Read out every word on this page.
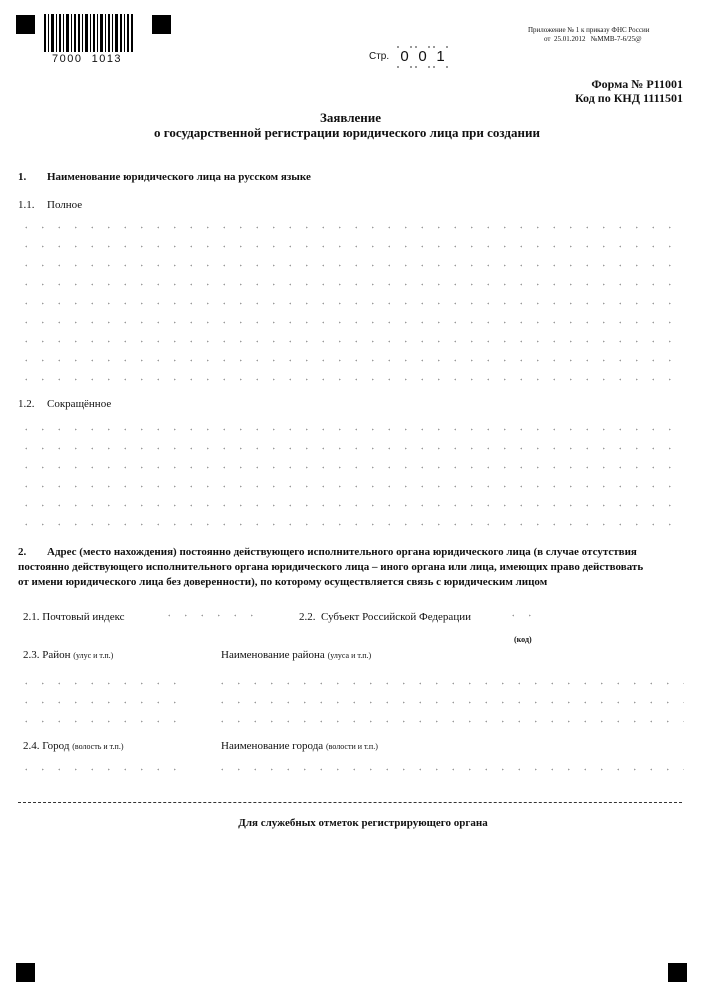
7000  1013
Приложение № 1 к приказу ФНС России
от  25.01.2012   №ММВ-7-6/25@
Стр. 0 0 1
Форма № Р11001
Код по КНД 1111501
Заявление
о государственной регистрации юридического лица при создании
1. Наименование юридического лица на русском языке
1.1. Полное
1.2. Сокращённое
2. Адрес (место нахождения) постоянно действующего исполнительного органа юридического лица (в случае отсутствия
постоянно действующего исполнительного органа юридического лица – иного органа или лица, имеющих право действовать
от имени юридического лица без доверенности), по которому осуществляется связь с юридическим лицом
2.1. Почтовый индекс	2.2.  Субъект Российской Федерации
(код)
2.3. Район (улус и т.п.)	Наименование района (улуса и т.п.)
2.4. Город (волость и т.п.)	Наименование города (волости и т.п.)
Для служебных отметок регистрирующего органа
